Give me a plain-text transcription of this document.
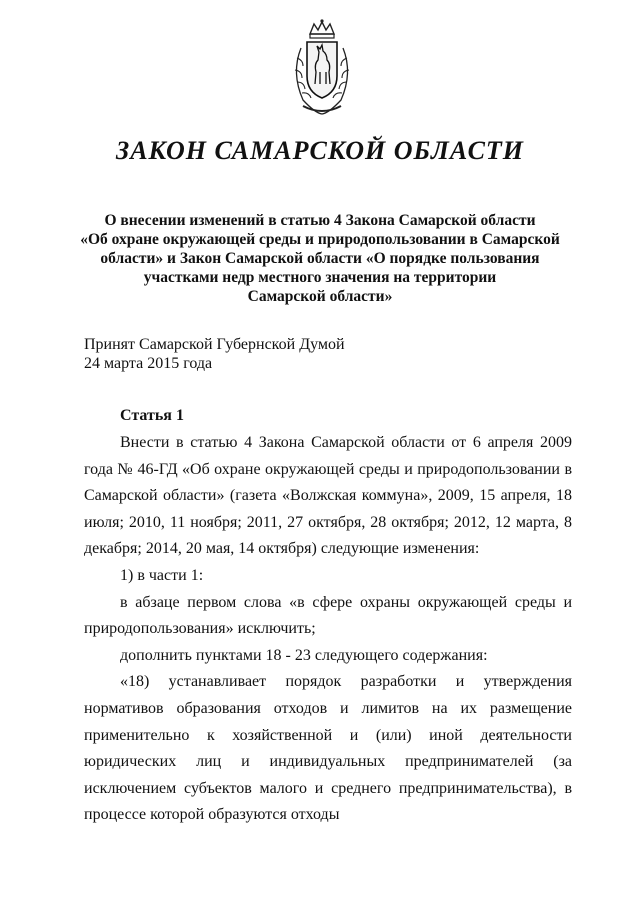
ЗАКОН САМАРСКОЙ ОБЛАСТИ
О внесении изменений в статью 4 Закона Самарской области
«Об охране окружающей среды и природопользовании в Самарской
области» и Закон Самарской области «О порядке пользования
участками недр местного значения на территории
Самарской области»
Принят Самарской Губернской Думой
24 марта 2015 года
Статья 1

Внести в статью 4 Закона Самарской области от 6 апреля 2009 года № 46-ГД «Об охране окружающей среды и природопользовании в Самарской области» (газета «Волжская коммуна», 2009, 15 апреля, 18 июля; 2010, 11 ноября; 2011, 27 октября, 28 октября; 2012, 12 марта, 8 декабря; 2014, 20 мая, 14 октября) следующие изменения:

1) в части 1:

в абзаце первом слова «в сфере охраны окружающей среды и природопользования» исключить;

дополнить пунктами 18 - 23 следующего содержания:

«18) устанавливает порядок разработки и утверждения нормативов образования отходов и лимитов на их размещение применительно к хозяйственной и (или) иной деятельности юридических лиц и индивидуальных предпринимателей (за исключением субъектов малого и среднего предпринимательства), в процессе которой образуются отходы
